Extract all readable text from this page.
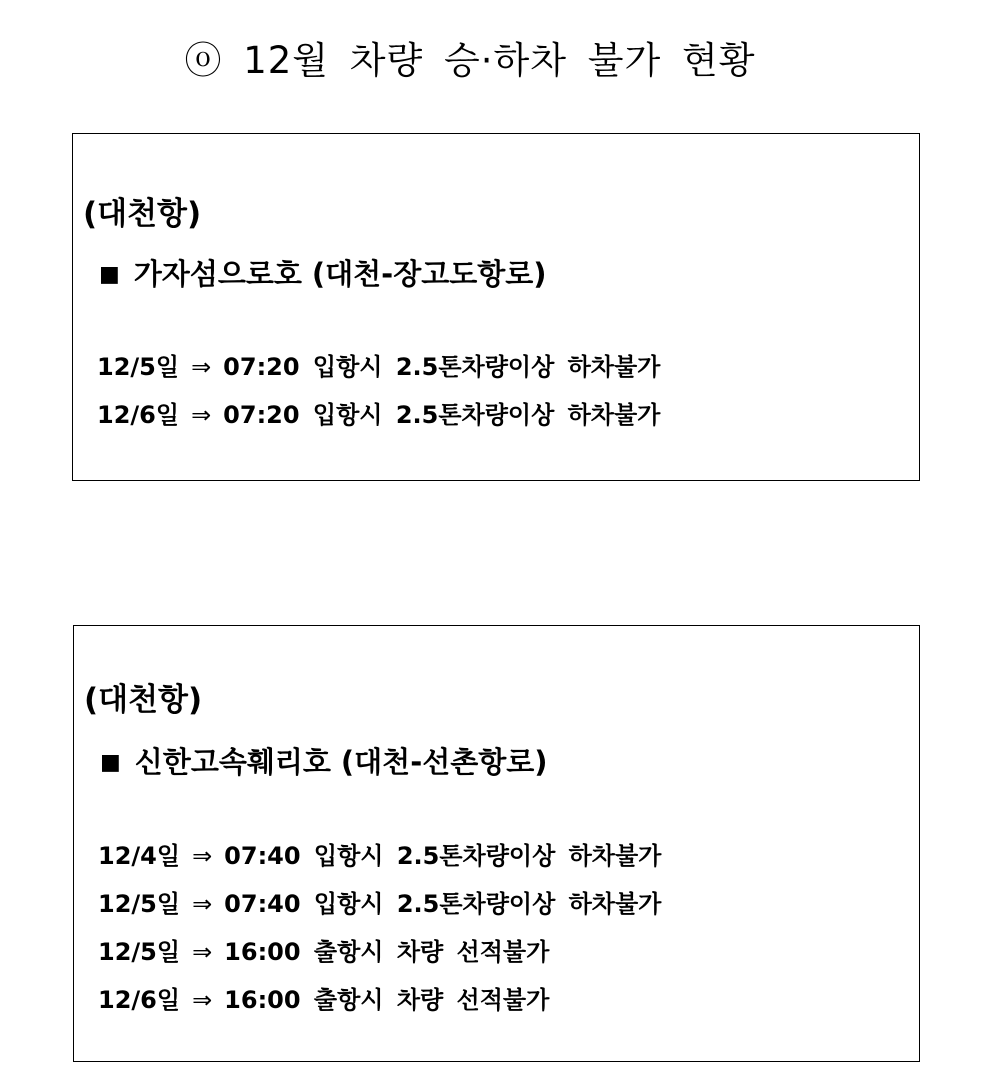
ⓞ 12월 차량 승·하차 불가 현황
(대천항)
■ 가자섬으로호 (대천-장고도항로)
12/5일 ⇒ 07:20 입항시 2.5톤차량이상 하차불가
12/6일 ⇒ 07:20 입항시 2.5톤차량이상 하차불가
(대천항)
■ 신한고속훼리호 (대천-선촌항로)
12/4일 ⇒ 07:40 입항시 2.5톤차량이상 하차불가
12/5일 ⇒ 07:40 입항시 2.5톤차량이상 하차불가
12/5일 ⇒ 16:00 출항시 차량 선적불가
12/6일 ⇒ 16:00 출항시 차량 선적불가
